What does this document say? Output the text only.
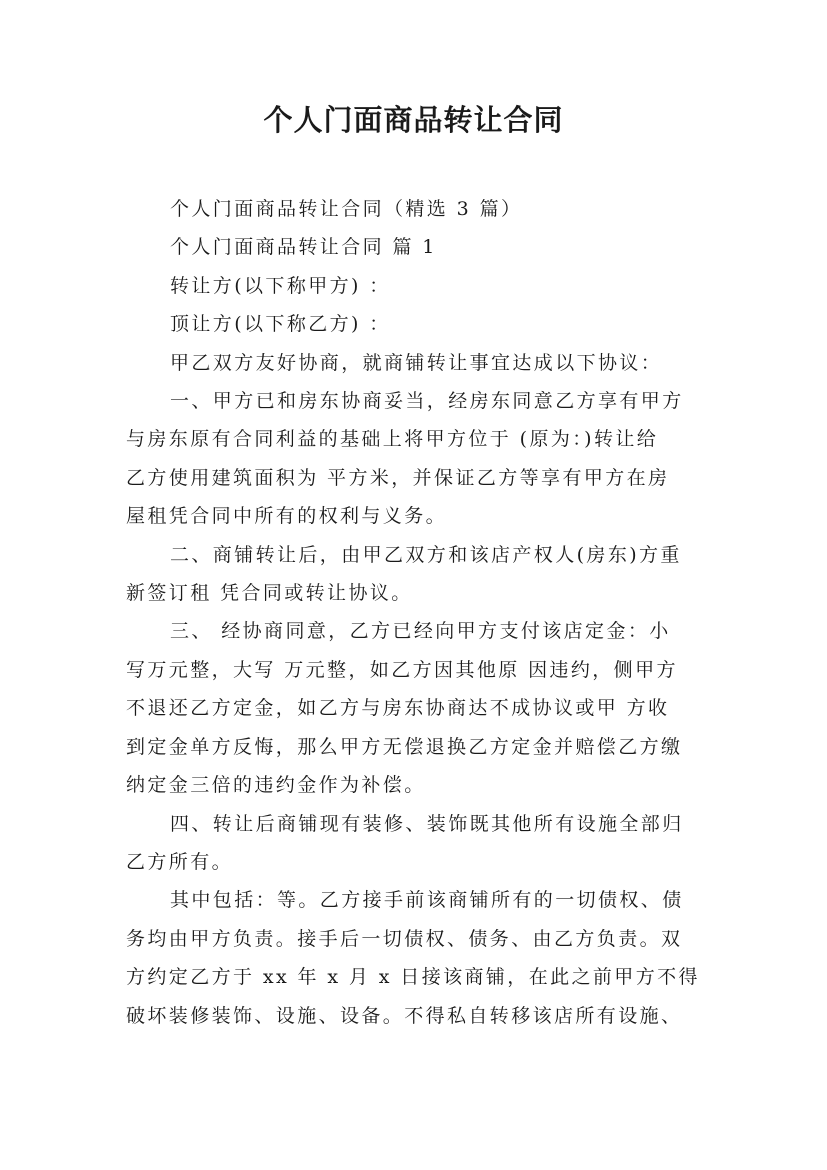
个人门面商品转让合同

个人门面商品转让合同（精选 3 篇）

个人门面商品转让合同 篇 1

转让方(以下称甲方) ：

顶让方(以下称乙方) ：

甲乙双方友好协商，就商铺转让事宜达成以下协议：

一、甲方已和房东协商妥当，经房东同意乙方享有甲方

与房东原有合同利益的基础上将甲方位于 (原为：)转让给

乙方使用建筑面积为 平方米，并保证乙方等享有甲方在房

屋租凭合同中所有的权利与义务。

二、商铺转让后，由甲乙双方和该店产权人(房东)方重

新签订租 凭合同或转让协议。

三、 经协商同意，乙方已经向甲方支付该店定金：小

写万元整，大写 万元整，如乙方因其他原 因违约，侧甲方

不退还乙方定金，如乙方与房东协商达不成协议或甲 方收

到定金单方反悔，那么甲方无偿退换乙方定金并赔偿乙方缴

纳定金三倍的违约金作为补偿。

四、转让后商铺现有装修、装饰既其他所有设施全部归

乙方所有。

其中包括：等。乙方接手前该商铺所有的一切债权、债

务均由甲方负责。接手后一切债权、债务、由乙方负责。双

方约定乙方于 xx 年 x 月 x 日接该商铺，在此之前甲方不得

破坏装修装饰、设施、设备。不得私自转移该店所有设施、
